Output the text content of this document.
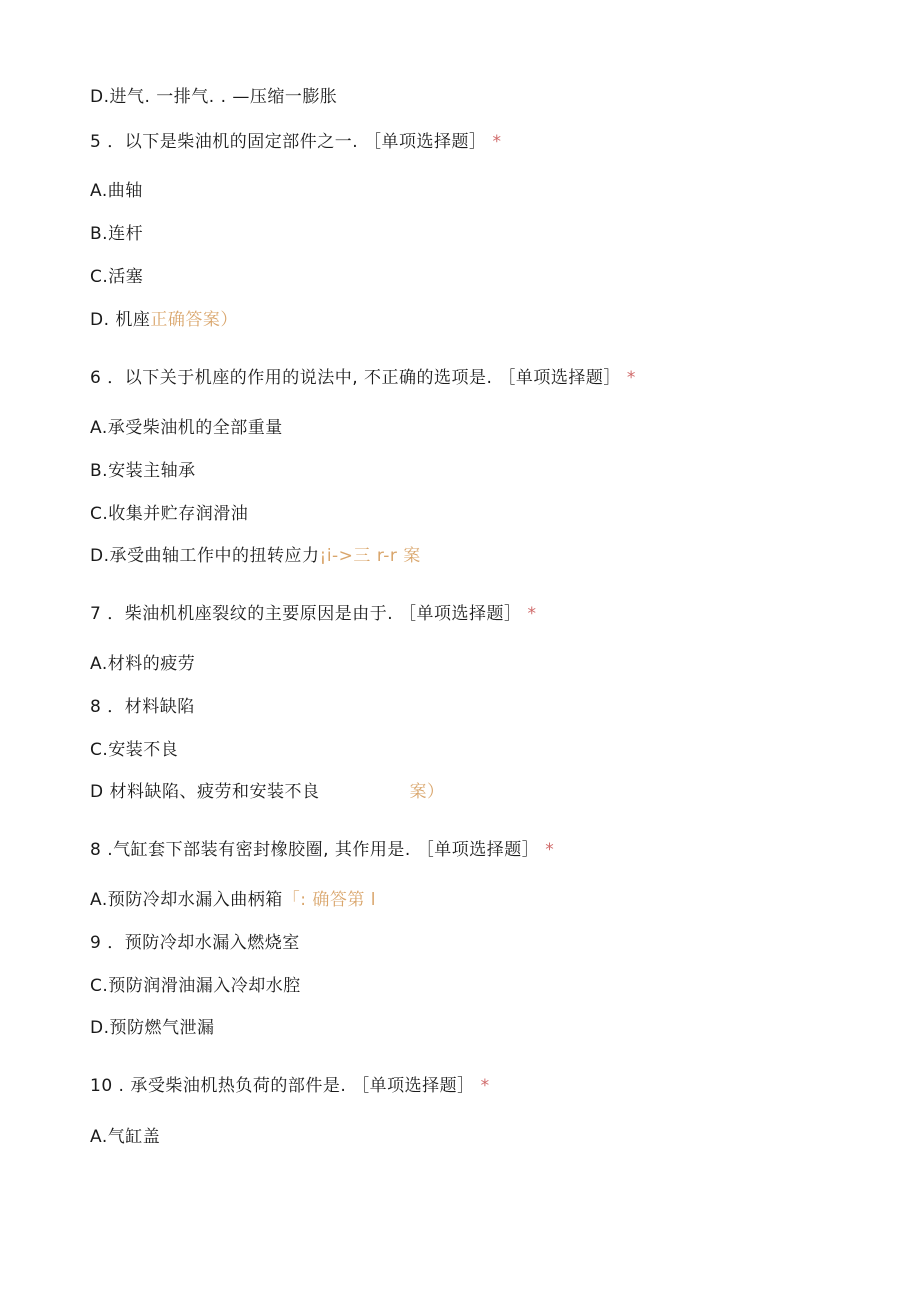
D.进气. 一排气. . —压缩一膨胀
5 ．以下是柴油机的固定部件之一. ［单项选择题］ *
A.曲轴
B.连杆
C.活塞
D. 机座正确答案）
6 ．以下关于机座的作用的说法中, 不正确的选项是. ［单项选择题］ *
A.承受柴油机的全部重量
B.安装主轴承
C.收集并贮存润滑油
D.承受曲轴工作中的扭转应力¡i->三 r-r 案
7 ．柴油机机座裂纹的主要原因是由于. ［单项选择题］ *
A.材料的疲劳
8 ．材料缺陷
C.安装不良
D 材料缺陷、疲劳和安装不良	案）
8 .气缸套下部装有密封橡胶圈, 其作用是. ［单项选择题］ *
A.预防冷却水漏入曲柄箱「: 确答第 l
9 ．预防冷却水漏入燃烧室
C.预防润滑油漏入冷却水腔
D.预防燃气泄漏
10 . 承受柴油机热负荷的部件是. ［单项选择题］ *
A.气缸盖
